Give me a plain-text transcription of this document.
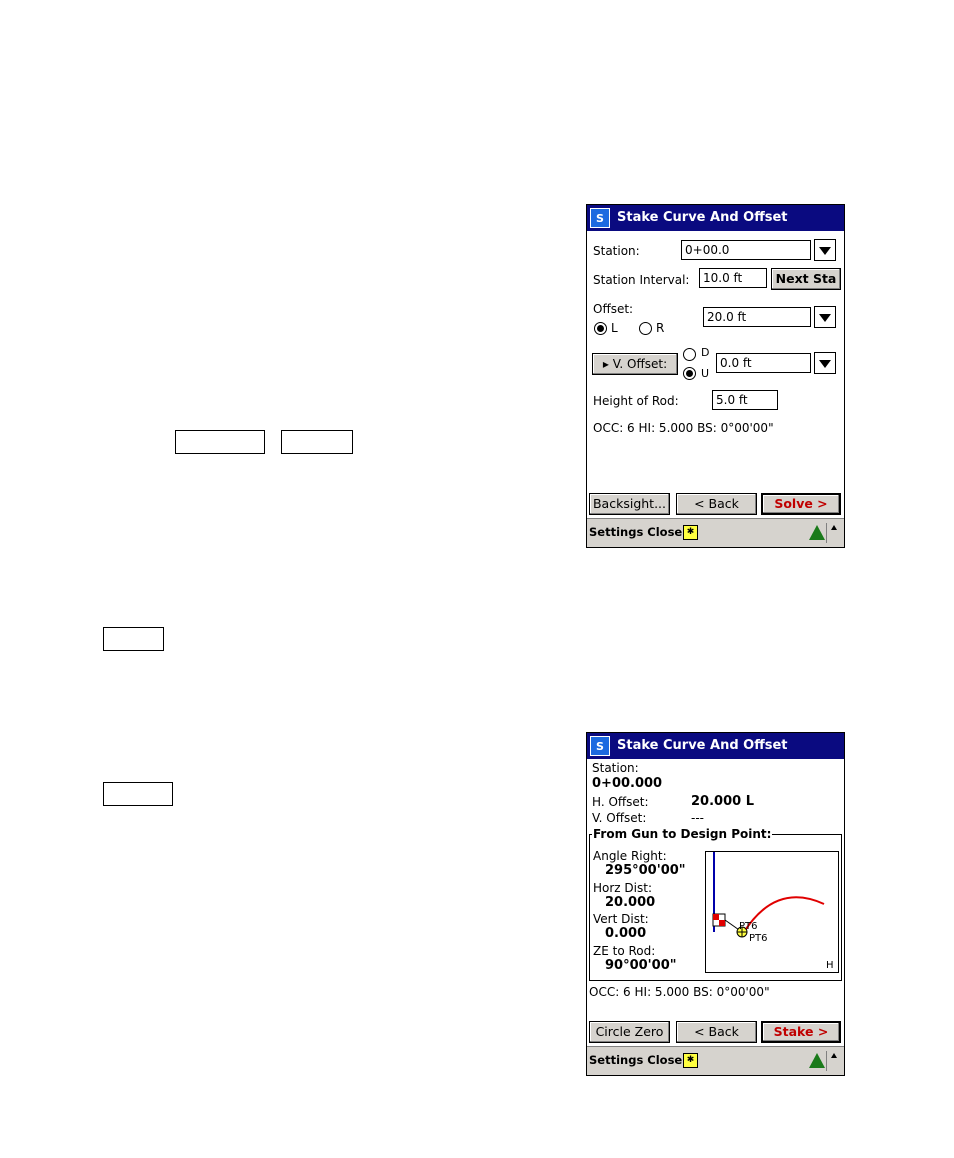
S	Stake Curve And Offset
Station:	0+00.0
Station Interval:	10.0 ft	Next Sta
Offset:
L	R
20.0 ft
▸ V. Offset:
D
U
0.0 ft
Height of Rod:	5.0 ft
OCC: 6 HI: 5.000 BS: 0°00'00"
Backsight...	< Back	Solve >
Settings Close ✱
S	Stake Curve And Offset
Station:
0+00.000
H. Offset:	20.000 L
V. Offset:	---
From Gun to Design Point:
Angle Right:
295°00'00"
Horz Dist:
20.000
Vert Dist:
0.000
ZE to Rod:
90°00'00"
PT6
PT6
H
OCC: 6 HI: 5.000 BS: 0°00'00"
Circle Zero	< Back	Stake >
Settings Close ✱
